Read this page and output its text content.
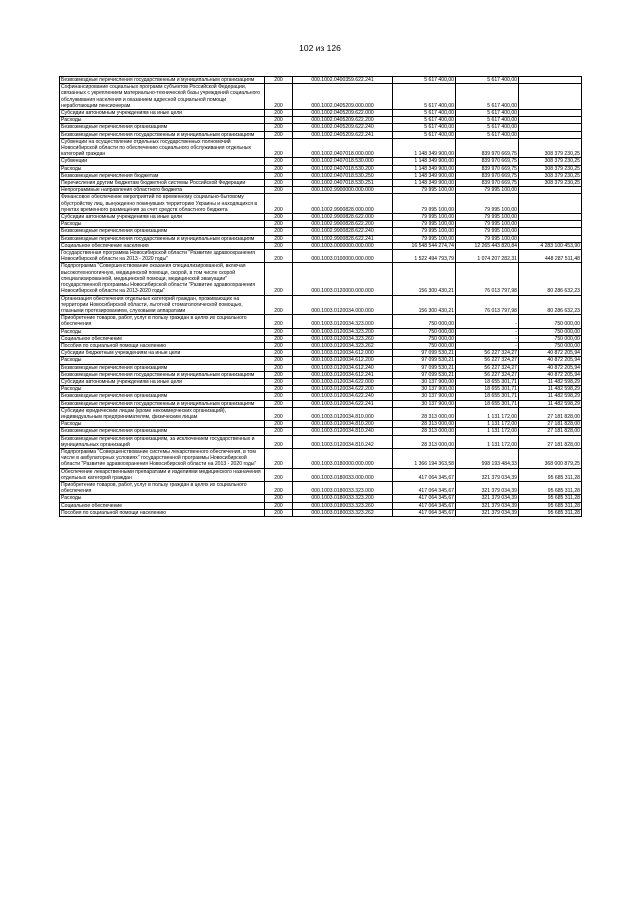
102 из 126
Безвозмездные перечисления государственным и муниципальным организациям	200	000.1002.0400359.622.241	5 617 400,00	5 617 400,00	
Софинансирование социальных программ субъектов Российской Федерации, связанных с укреплением материально-технической базы учреждений социального обслуживания населения и оказанием адресной социальной помощи неработающим пенсионерам	200	000.1002.0405209.000.000	5 617 400,00	5 617 400,00	
Субсидии автономным учреждениям на иные цели	200	000.1002.0405209.622.000	5 617 400,00	5 617 400,00	
Расходы	200	000.1002.0405209.622.200	5 617 400,00	5 617 400,00	
Безвозмездные перечисления организациям	200	000.1002.0405209.622.240	5 617 400,00	5 617 400,00	
Безвозмездные перечисления государственным и муниципальным организациям	200	000.1002.0405209.622.241	5 617 400,00	5 617 400,00	
Субвенции на осуществление отдельных государственных полномочий Новосибирской области по обеспечению социального обслуживания отдельных категорий граждан	200	000.1002.0407018.000.000	1 148 349 900,00	839 970 669,75	308 379 230,25
Субвенции	200	000.1002.0407018.530.000	1 148 349 900,00	839 970 669,75	308 379 230,25
Расходы	200	000.1002.0407018.530.200	1 148 349 900,00	839 970 669,75	308 379 230,25
Безвозмездные перечисления бюджетам	200	000.1002.0407018.530.250	1 148 349 900,00	839 970 669,75	308 379 230,25
Перечисления другим бюджетам бюджетной системы Российской Федерации	200	000.1002.0407018.530.251	1 148 349 900,00	839 970 669,75	308 379 230,25
Непрограммные направления областного бюджета	200	000.1002.9900000.000.000	79 995 100,00	79 995 100,00	
Финансовое обеспечение мероприятий по временному социально-бытовому обустройству лиц, вынужденно покинувших территорию Украины и находящихся в пунктах временного размещения за счет средств областного бюджета	200	000.1002.9900828.000.000	79 995 100,00	79 995 100,00	
Субсидии автономным учреждениям на иные цели	200	000.1002.9900828.622.000	79 995 100,00	79 995 100,00	
Расходы	200	000.1002.9900828.622.200	79 995 100,00	79 995 100,00	
Безвозмездные перечисления организациям	200	000.1002.9900828.622.240	79 995 100,00	79 995 100,00	
Безвозмездные перечисления государственным и муниципальным организациям	200	000.1002.9900828.622.241	79 995 100,00	79 995 100,00	
Социальное обеспечение населения	200	000.1003.0000000.000.000	16 548 544 274,74	12 265 443 820,84	4 283 100 453,90
Государственная программа Новосибирской области "Развитие здравоохранения Новосибирской области на 2013 - 2020 годы"	200	000.1003.0100000.000.000	1 522 494 793,79	1 074 207 282,31	448 287 511,48
Подпрограмма "Совершенствование оказания специализированной, включая высокотехнологичную, медицинской помощи, скорой, в том числе скорой специализированной, медицинской помощи, медицинской эвакуации" государственной программы Новосибирской области "Развитие здравоохранения Новосибирской области на 2013-2020 годы"	200	000.1003.0120000.000.000	156 300 430,21	76 013 797,98	80 286 632,23
Организация обеспечения отдельных категорий граждан, проживающих на территории Новосибирской области, льготной стоматологической помощью, глазными протезированием, слуховыми аппаратами	200	000.1003.0120034.000.000	156 300 430,21	76 013 797,98	80 286 632,23
Приобретение товаров, работ, услуг в пользу граждан в целях их социального обеспечения	200	000.1003.0120034.323.000	750 000,00	-	750 000,00
Расходы	200	000.1003.0120034.323.200	750 000,00	-	750 000,00
Социальное обеспечение	200	000.1003.0120034.323.260	750 000,00	-	750 000,00
Пособия по социальной помощи населению	200	000.1003.0120034.323.262	750 000,00	-	750 000,00
Субсидии бюджетным учреждениям на иные цели	200	000.1003.0120034.612.000	97 099 530,21	56 227 324,27	40 872 205,94
Расходы	200	000.1003.0120034.612.200	97 099 530,21	56 227 324,27	40 872 205,94
Безвозмездные перечисления организациям	200	000.1003.0120034.612.240	97 099 530,21	56 227 324,27	40 872 205,94
Безвозмездные перечисления государственным и муниципальным организациям	200	000.1003.0120034.612.241	97 099 530,21	56 227 324,27	40 872 205,94
Субсидии автономным учреждениям на иные цели	200	000.1003.0120034.622.000	30 137 900,00	18 655 301,71	11 482 598,29
Расходы	200	000.1003.0120034.622.200	30 137 900,00	18 655 301,71	11 482 598,29
Безвозмездные перечисления организациям	200	000.1003.0120034.622.240	30 137 900,00	18 655 301,71	11 482 598,29
Безвозмездные перечисления государственным и муниципальным организациям	200	000.1003.0120034.622.241	30 137 900,00	18 655 301,71	11 482 598,29
Субсидии юридическим лицам (кроме некоммерческих организаций), индивидуальным предпринимателям, физическим лицам	200	000.1003.0120034.810.000	28 313 000,00	1 131 172,00	27 181 828,00
Расходы	200	000.1003.0120034.810.200	28 313 000,00	1 131 172,00	27 181 828,00
Безвозмездные перечисления организациям	200	000.1003.0120034.810.240	28 313 000,00	1 131 172,00	27 181 828,00
Безвозмездные перечисления организациям, за исключением государственных и муниципальных организаций	200	000.1003.0120034.810.242	28 313 000,00	1 131 172,00	27 181 828,00
Подпрограмма "Совершенствование системы лекарственного обеспечения, в том числе в амбулаторных условиях" государственной программы Новосибирской области "Развитие здравоохранения Новосибирской области на 2013 - 2020 годы"	200	000.1003.0180000.000.000	1 366 194 363,58	998 193 484,33	368 000 879,25
Обеспечение лекарственными препаратами и изделиями медицинского назначения отдельных категорий граждан	200	000.1003.0180033.000.000	417 064 345,67	321 379 034,39	95 685 311,28
Приобретение товаров, работ, услуг в пользу граждан в целях их социального обеспечения	200	000.1003.0180033.323.000	417 064 345,67	321 379 034,39	95 685 311,28
Расходы	200	000.1003.0180033.323.200	417 064 345,67	321 379 034,39	95 685 311,28
Социальное обеспечение	200	000.1003.0180033.323.260	417 064 345,67	321 379 034,39	95 685 311,28
Пособия по социальной помощи населению	200	000.1003.0180033.323.262	417 064 345,67	321 379 034,39	95 685 311,28
